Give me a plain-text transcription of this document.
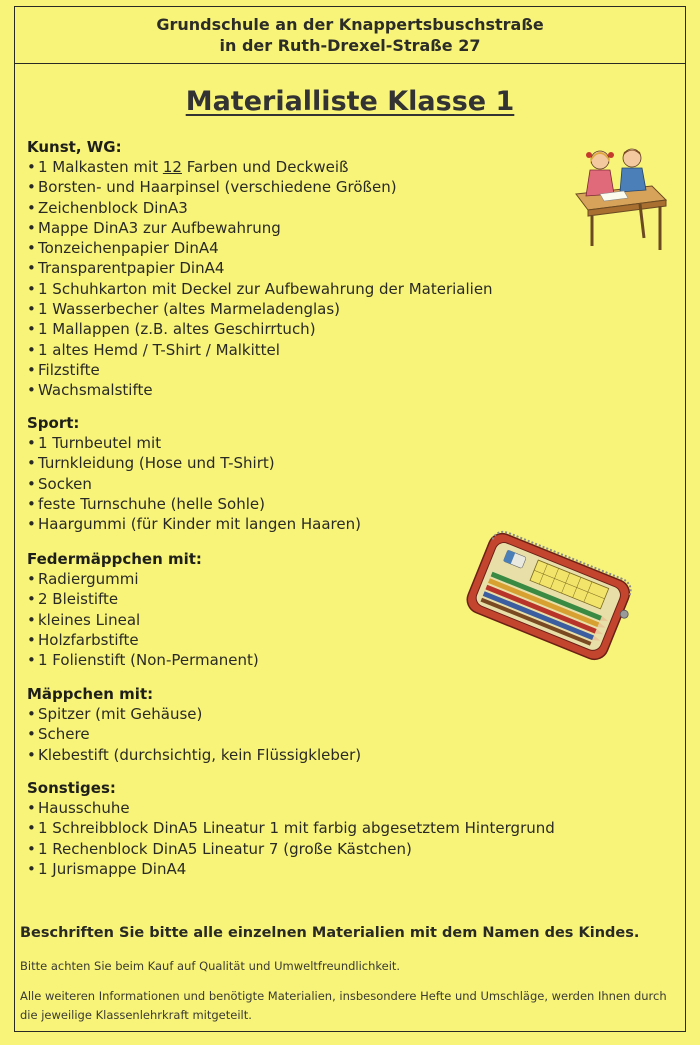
Grundschule an der Knappertsbuschstraße
in der Ruth-Drexel-Straße 27
Materialliste Klasse 1
Kunst, WG:
• 1 Malkasten mit 12 Farben und Deckweiß
• Borsten- und Haarpinsel (verschiedene Größen)
• Zeichenblock DinA3
• Mappe DinA3 zur Aufbewahrung
• Tonzeichenpapier DinA4
• Transparentpapier DinA4
• 1 Schuhkarton mit Deckel zur Aufbewahrung der Materialien
• 1 Wasserbecher (altes Marmeladenglas)
• 1 Mallappen (z.B. altes Geschirrtuch)
• 1 altes Hemd / T-Shirt / Malkittel
• Filzstifte
• Wachsmalstifte
Sport:
• 1 Turnbeutel mit
• Turnkleidung (Hose und T-Shirt)
• Socken
• feste Turnschuhe (helle Sohle)
• Haargummi (für Kinder mit langen Haaren)
Federmäppchen mit:
• Radiergummi
• 2 Bleistifte
• kleines Lineal
• Holzfarbstifte
• 1 Folienstift (Non-Permanent)
Mäppchen mit:
• Spitzer (mit Gehäuse)
• Schere
• Klebestift (durchsichtig, kein Flüssigkleber)
Sonstiges:
• Hausschuhe
• 1 Schreibblock DinA5 Lineatur 1 mit farbig abgesetztem Hintergrund
• 1 Rechenblock DinA5 Lineatur 7 (große Kästchen)
• 1 Jurismappe DinA4
Beschriften Sie bitte alle einzelnen Materialien mit dem Namen des Kindes.
Bitte achten Sie beim Kauf auf Qualität und Umweltfreundlichkeit.
Alle weiteren Informationen und benötigte Materialien, insbesondere Hefte und Umschläge, werden Ihnen durch die jeweilige Klassenlehrkraft mitgeteilt.
